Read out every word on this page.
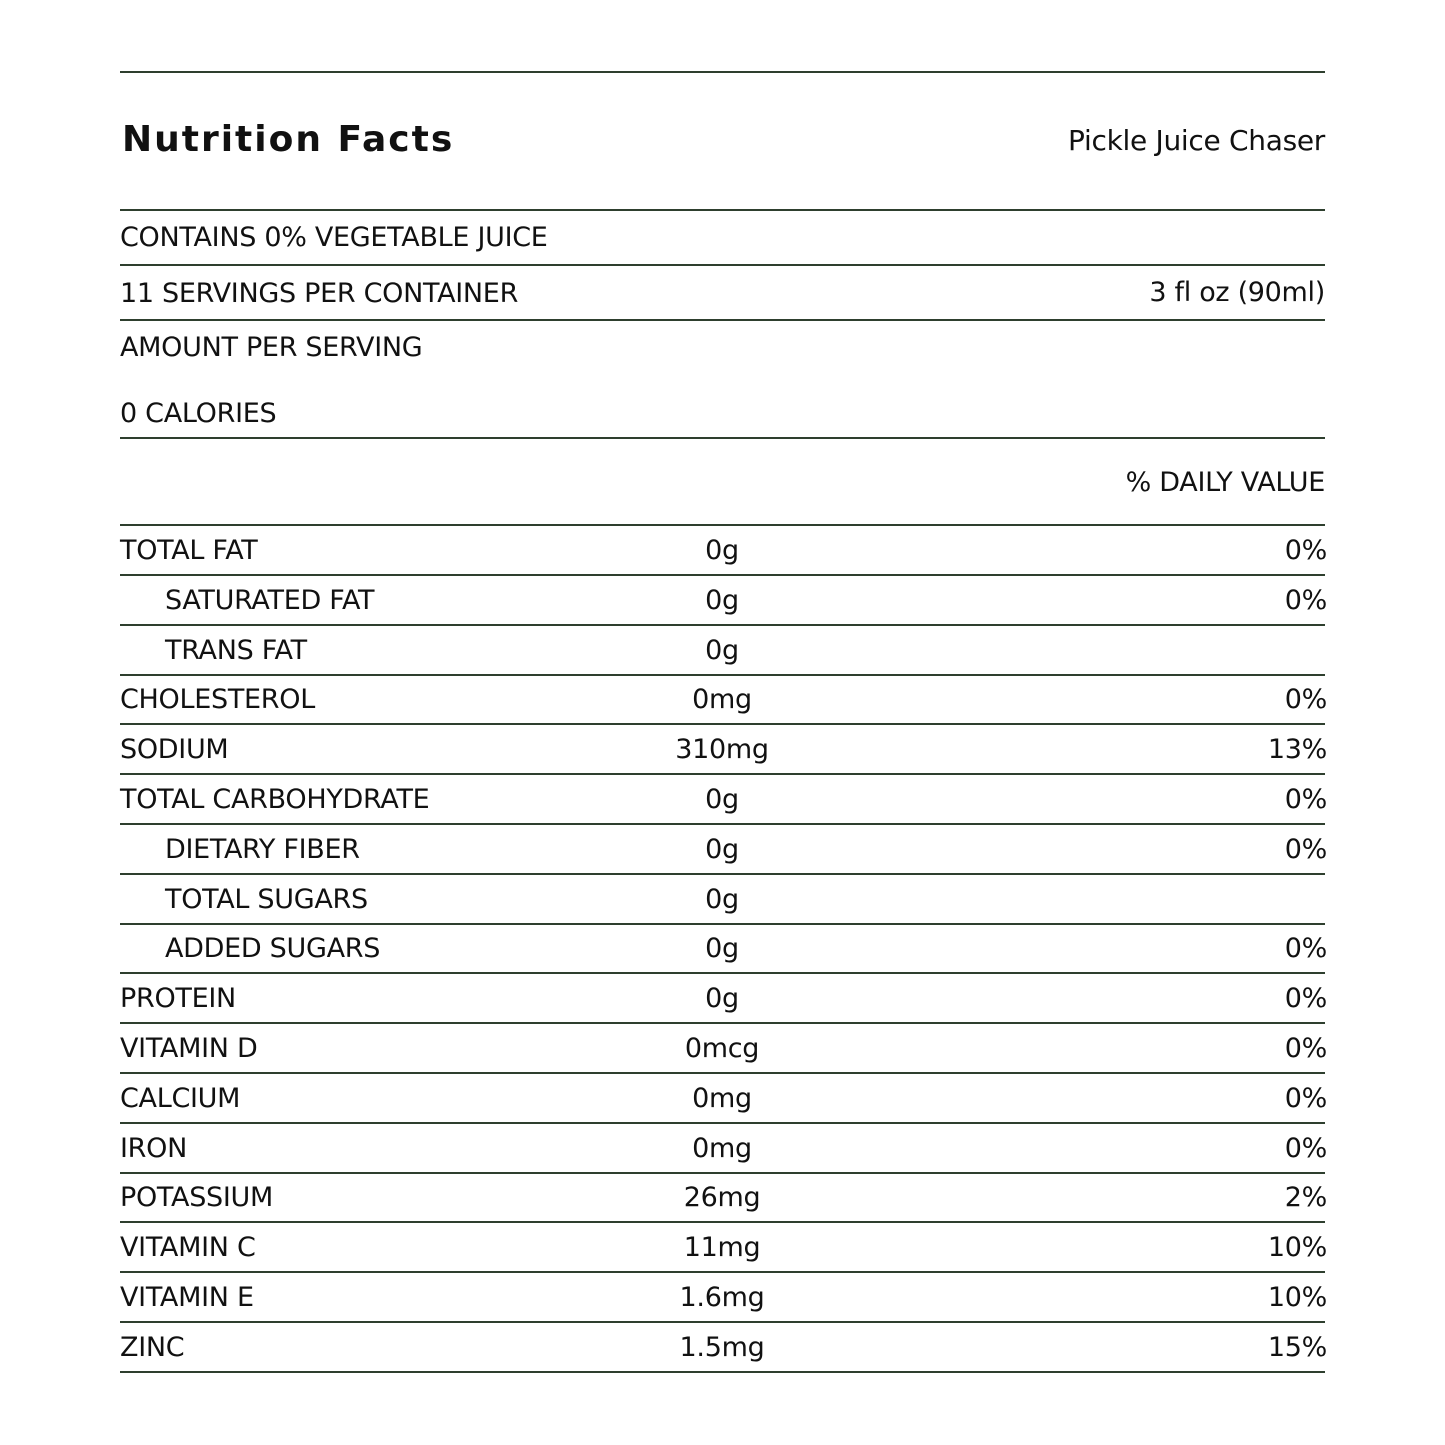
Nutrition Facts	Pickle Juice Chaser
CONTAINS 0% VEGETABLE JUICE
11 SERVINGS PER CONTAINER	3 fl oz (90ml)
AMOUNT PER SERVING
0 CALORIES
% DAILY VALUE
TOTAL FAT	0g	0%
SATURATED FAT	0g	0%
TRANS FAT	0g
CHOLESTEROL	0mg	0%
SODIUM	310mg	13%
TOTAL CARBOHYDRATE	0g	0%
DIETARY FIBER	0g	0%
TOTAL SUGARS	0g
ADDED SUGARS	0g	0%
PROTEIN	0g	0%
VITAMIN D	0mcg	0%
CALCIUM	0mg	0%
IRON	0mg	0%
POTASSIUM	26mg	2%
VITAMIN C	11mg	10%
VITAMIN E	1.6mg	10%
ZINC	1.5mg	15%
